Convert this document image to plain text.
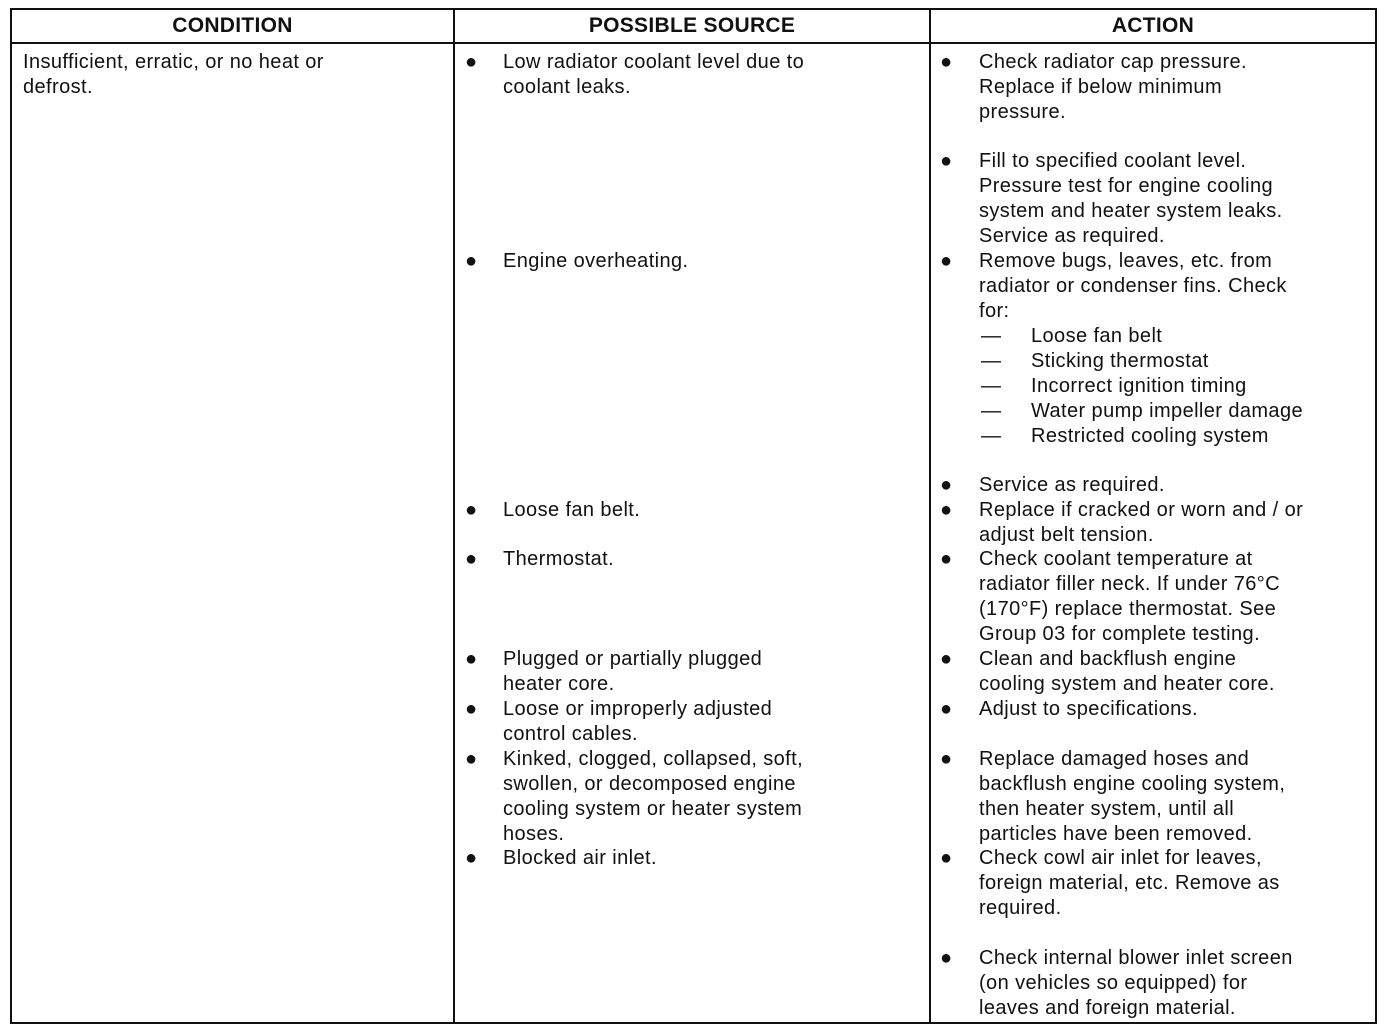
CONDITION	POSSIBLE SOURCE	ACTION
Insufficient, erratic, or no heat or
defrost.
● Low radiator coolant level due to
coolant leaks.
● Engine overheating.
● Loose fan belt.
● Thermostat.
● Plugged or partially plugged
heater core.
● Loose or improperly adjusted
control cables.
● Kinked, clogged, collapsed, soft,
swollen, or decomposed engine
cooling system or heater system
hoses.
● Blocked air inlet.
● Check radiator cap pressure.
Replace if below minimum
pressure.
● Fill to specified coolant level.
Pressure test for engine cooling
system and heater system leaks.
Service as required.
● Remove bugs, leaves, etc. from
radiator or condenser fins. Check
for:
— Loose fan belt
— Sticking thermostat
— Incorrect ignition timing
— Water pump impeller damage
— Restricted cooling system
● Service as required.
● Replace if cracked or worn and / or
adjust belt tension.
● Check coolant temperature at
radiator filler neck. If under 76°C
(170°F) replace thermostat. See
Group 03 for complete testing.
● Clean and backflush engine
cooling system and heater core.
● Adjust to specifications.
● Replace damaged hoses and
backflush engine cooling system,
then heater system, until all
particles have been removed.
● Check cowl air inlet for leaves,
foreign material, etc. Remove as
required.
● Check internal blower inlet screen
(on vehicles so equipped) for
leaves and foreign material.
